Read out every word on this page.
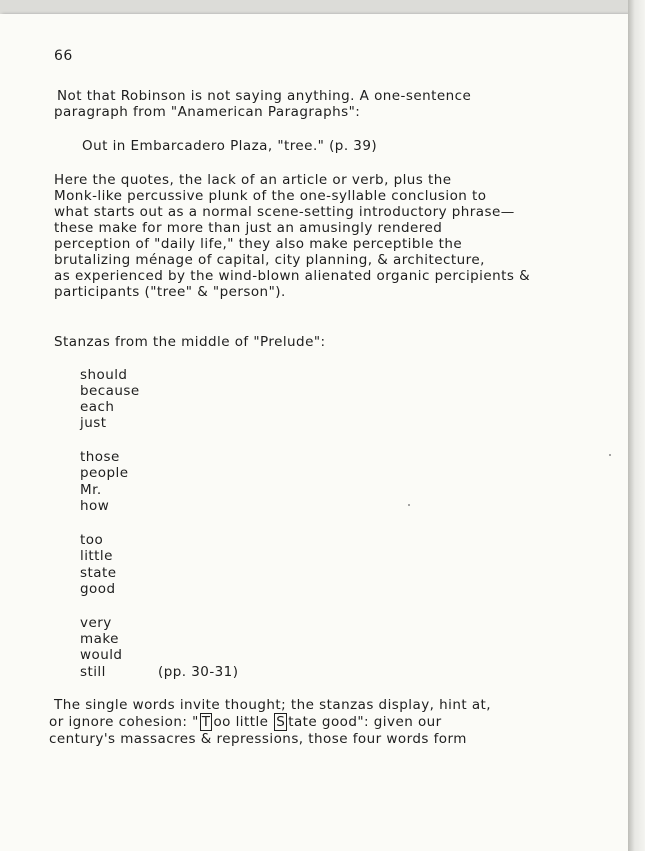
66
Not that Robinson is not saying anything. A one-sentence
paragraph from "Anamerican Paragraphs":
Out in Embarcadero Plaza, "tree." (p. 39)
Here the quotes, the lack of an article or verb, plus the
Monk-like percussive plunk of the one-syllable conclusion to
what starts out as a normal scene-setting introductory phrase—
these make for more than just an amusingly rendered
perception of "daily life," they also make perceptible the
brutalizing ménage of capital, city planning, & architecture,
as experienced by the wind-blown alienated organic percipients &
participants ("tree" & "person").
Stanzas from the middle of "Prelude":
should
because
each
just
those
people
Mr.
how
too
little
state
good
very
make
would
still	(pp. 30-31)
The single words invite thought; the stanzas display, hint at,
or ignore cohesion: " T oo little S tate good": given our
century's massacres & repressions, those four words form
